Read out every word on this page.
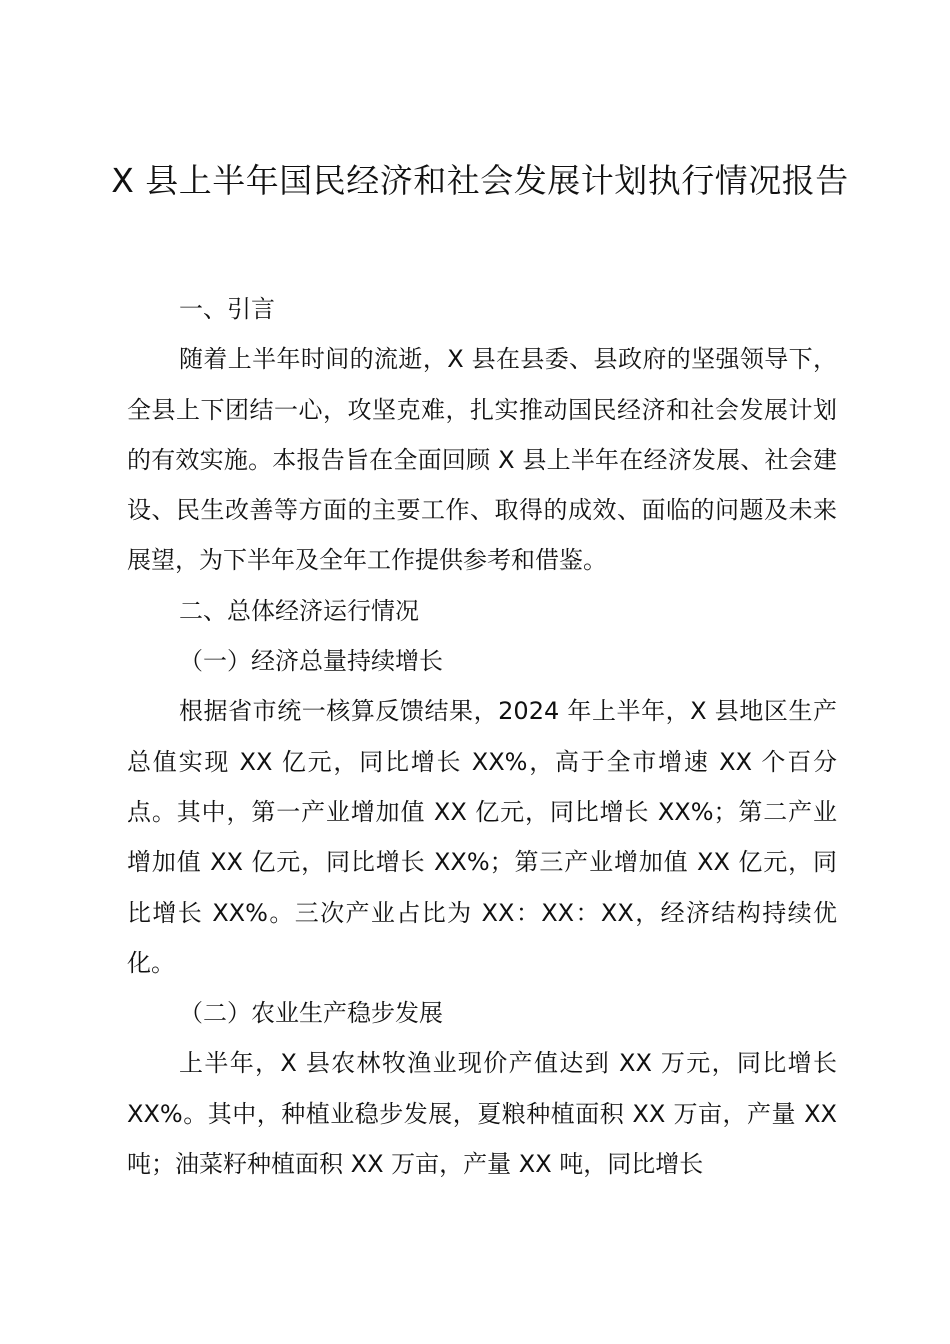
X 县上半年国民经济和社会发展计划执行情况报告

一、引言

随着上半年时间的流逝，X 县在县委、县政府的坚强领导下，全县上下团结一心，攻坚克难，扎实推动国民经济和社会发展计划的有效实施。本报告旨在全面回顾 X 县上半年在经济发展、社会建设、民生改善等方面的主要工作、取得的成效、面临的问题及未来展望，为下半年及全年工作提供参考和借鉴。

二、总体经济运行情况

（一）经济总量持续增长

根据省市统一核算反馈结果，2024 年上半年，X 县地区生产总值实现 XX 亿元，同比增长 XX%，高于全市增速 XX 个百分点。其中，第一产业增加值 XX 亿元，同比增长 XX%；第二产业增加值 XX 亿元，同比增长 XX%；第三产业增加值 XX 亿元，同比增长 XX%。三次产业占比为 XX：XX：XX，经济结构持续优化。

（二）农业生产稳步发展

上半年，X 县农林牧渔业现价产值达到 XX 万元，同比增长 XX%。其中，种植业稳步发展，夏粮种植面积 XX 万亩，产量 XX 吨；油菜籽种植面积 XX 万亩，产量 XX 吨，同比增长
